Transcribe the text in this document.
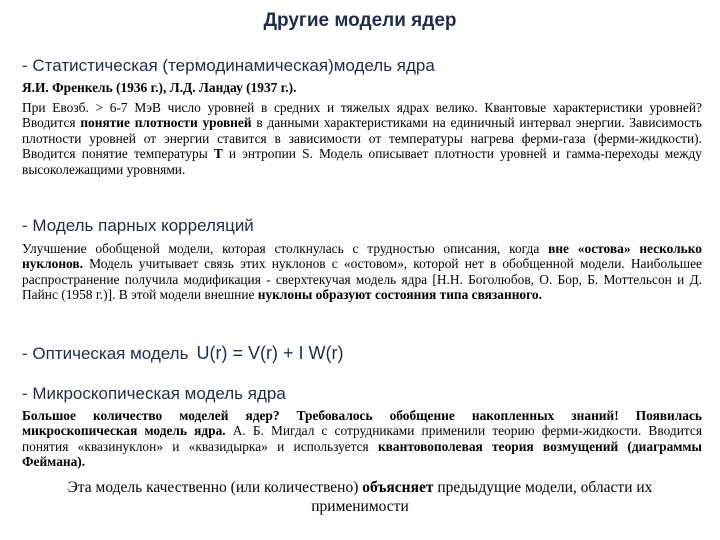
Другие модели ядер
- Статистическая (термодинамическая)модель ядра
Я.И. Френкель (1936 г.), Л.Д. Ландау (1937 г.).
При Евозб. > 6-7 МэВ число уровней в средних и тяжелых ядрах велико. Квантовые характеристики уровней? Вводится понятие плотности уровней в данными характеристиками на единичный интервал энергии. Зависимость плотности уровней от энергии ставится в зависимости от температуры нагрева ферми-газа (ферми-жидкости). Вводится понятие температуры Т и энтропии S. Модель описывает плотности уровней и гамма-переходы между высоколежащими уровнями.
- Модель парных корреляций
Улучшение обобщеной модели, которая столкнулась с трудностью описания, когда вне «остова» несколько нуклонов. Модель учитывает связь этих нуклонов с «остовом», которой нет в обобщенной модели. Наибольшее распространение получила модификация - сверхтекучая модель ядра [Н.Н. Боголюбов, О. Бор, Б. Моттельсон и Д. Пайнс (1958 г.)]. В этой модели внешние нуклоны образуют состояния типа связанного.
- Оптическая модель U(r) = V(r) + I W(r)
- Микроскопическая модель ядра
Большое количество моделей ядер? Требовалось обобщение накопленных знаний! Появилась микроскопическая модель ядра. А. Б. Мигдал с сотрудниками применили теорию ферми-жидкости. Вводится понятия «квазинуклон» и «квазидырка» и используется квантовополевая теория возмущений (диаграммы Феймана).
Эта модель качественно (или количествено) объясняет предыдущие модели, области их применимости
